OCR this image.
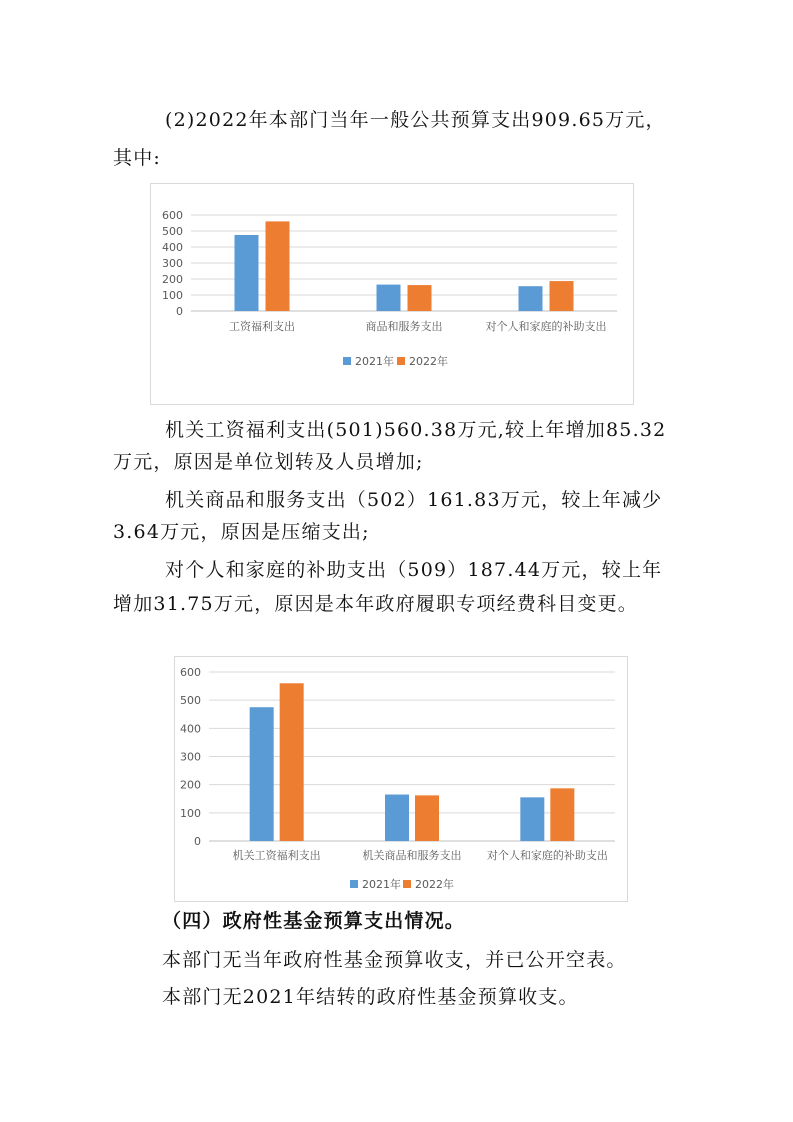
(2)2022年本部门当年一般公共预算支出909.65万元，
其中:
0
100
200
300
400
500
600
工资福利支出	商品和服务支出	对个人和家庭的补助支出
2021年 2022年
机关工资福利支出(501)560.38万元,较上年增加85.32
万元，原因是单位划转及人员增加;
机关商品和服务支出（502）161.83万元，较上年减少
3.64万元，原因是压缩支出;
对个人和家庭的补助支出（509）187.44万元，较上年
增加31.75万元，原因是本年政府履职专项经费科目变更。
0
100
200
300
400
500
600
机关工资福利支出	机关商品和服务支出 对个人和家庭的补助支出
2021年 2022年
（四）政府性基金预算支出情况。
本部门无当年政府性基金预算收支，并已公开空表。
本部门无2021年结转的政府性基金预算收支。
